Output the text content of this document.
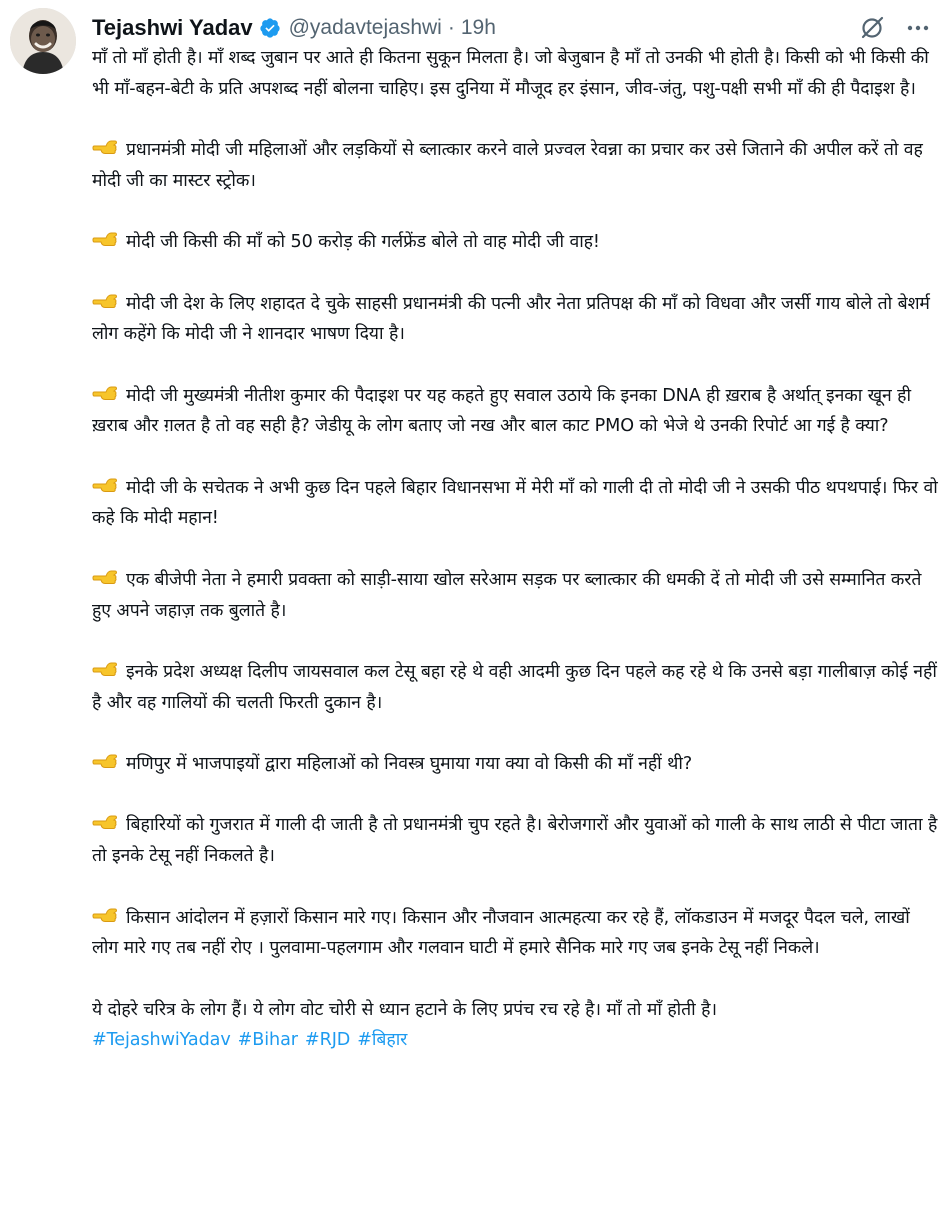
Tejashwi Yadav @yadavtejashwi · 19h

माँ तो माँ होती है। माँ शब्द जुबान पर आते ही कितना सुकून मिलता है। जो बेजुबान है माँ तो उनकी भी होती है। किसी को भी किसी की भी माँ-बहन-बेटी के प्रति अपशब्द नहीं बोलना चाहिए। इस दुनिया में मौजूद हर इंसान, जीव-जंतु, पशु-पक्षी सभी माँ की ही पैदाइश है।

प्रधानमंत्री मोदी जी महिलाओं और लड़कियों से ब्लात्कार करने वाले प्रज्वल रेवन्ना का प्रचार कर उसे जिताने की अपील करें तो वह मोदी जी का मास्टर स्ट्रोक।

मोदी जी किसी की माँ को 50 करोड़ की गर्लफ्रेंड बोले तो वाह मोदी जी वाह!

मोदी जी देश के लिए शहादत दे चुके साहसी प्रधानमंत्री की पत्नी और नेता प्रतिपक्ष की माँ को विधवा और जर्सी गाय बोले तो बेशर्म लोग कहेंगे कि मोदी जी ने शानदार भाषण दिया है।

मोदी जी मुख्यमंत्री नीतीश कुमार की पैदाइश पर यह कहते हुए सवाल उठाये कि इनका DNA ही ख़राब है अर्थात् इनका खून ही ख़राब और ग़लत है तो वह सही है? जेडीयू के लोग बताए जो नख और बाल काट PMO को भेजे थे उनकी रिपोर्ट आ गई है क्या?

मोदी जी के सचेतक ने अभी कुछ दिन पहले बिहार विधानसभा में मेरी माँ को गाली दी तो मोदी जी ने उसकी पीठ थपथपाई। फिर वो कहे कि मोदी महान!

एक बीजेपी नेता ने हमारी प्रवक्ता को साड़ी-साया खोल सरेआम सड़क पर ब्लात्कार की धमकी दें तो मोदी जी उसे सम्मानित करते हुए अपने जहाज़ तक बुलाते है।

इनके प्रदेश अध्यक्ष दिलीप जायसवाल कल टेसू बहा रहे थे वही आदमी कुछ दिन पहले कह रहे थे कि उनसे बड़ा गालीबाज़ कोई नहीं है और वह गालियों की चलती फिरती दुकान है।

मणिपुर में भाजपाइयों द्वारा महिलाओं को निवस्त्र घुमाया गया क्या वो किसी की माँ नहीं थी?

बिहारियों को गुजरात में गाली दी जाती है तो प्रधानमंत्री चुप रहते है। बेरोजगारों और युवाओं को गाली के साथ लाठी से पीटा जाता है तो इनके टेसू नहीं निकलते है।

किसान आंदोलन में हज़ारों किसान मारे गए। किसान और नौजवान आत्महत्या कर रहे हैं, लॉकडाउन में मजदूर पैदल चले, लाखों लोग मारे गए तब नहीं रोए । पुलवामा-पहलगाम और गलवान घाटी में हमारे सैनिक मारे गए जब इनके टेसू नहीं निकले।

ये दोहरे चरित्र के लोग हैं। ये लोग वोट चोरी से ध्यान हटाने के लिए प्रपंच रच रहे है। माँ तो माँ होती है।
#TejashwiYadav #Bihar #RJD #बिहार
